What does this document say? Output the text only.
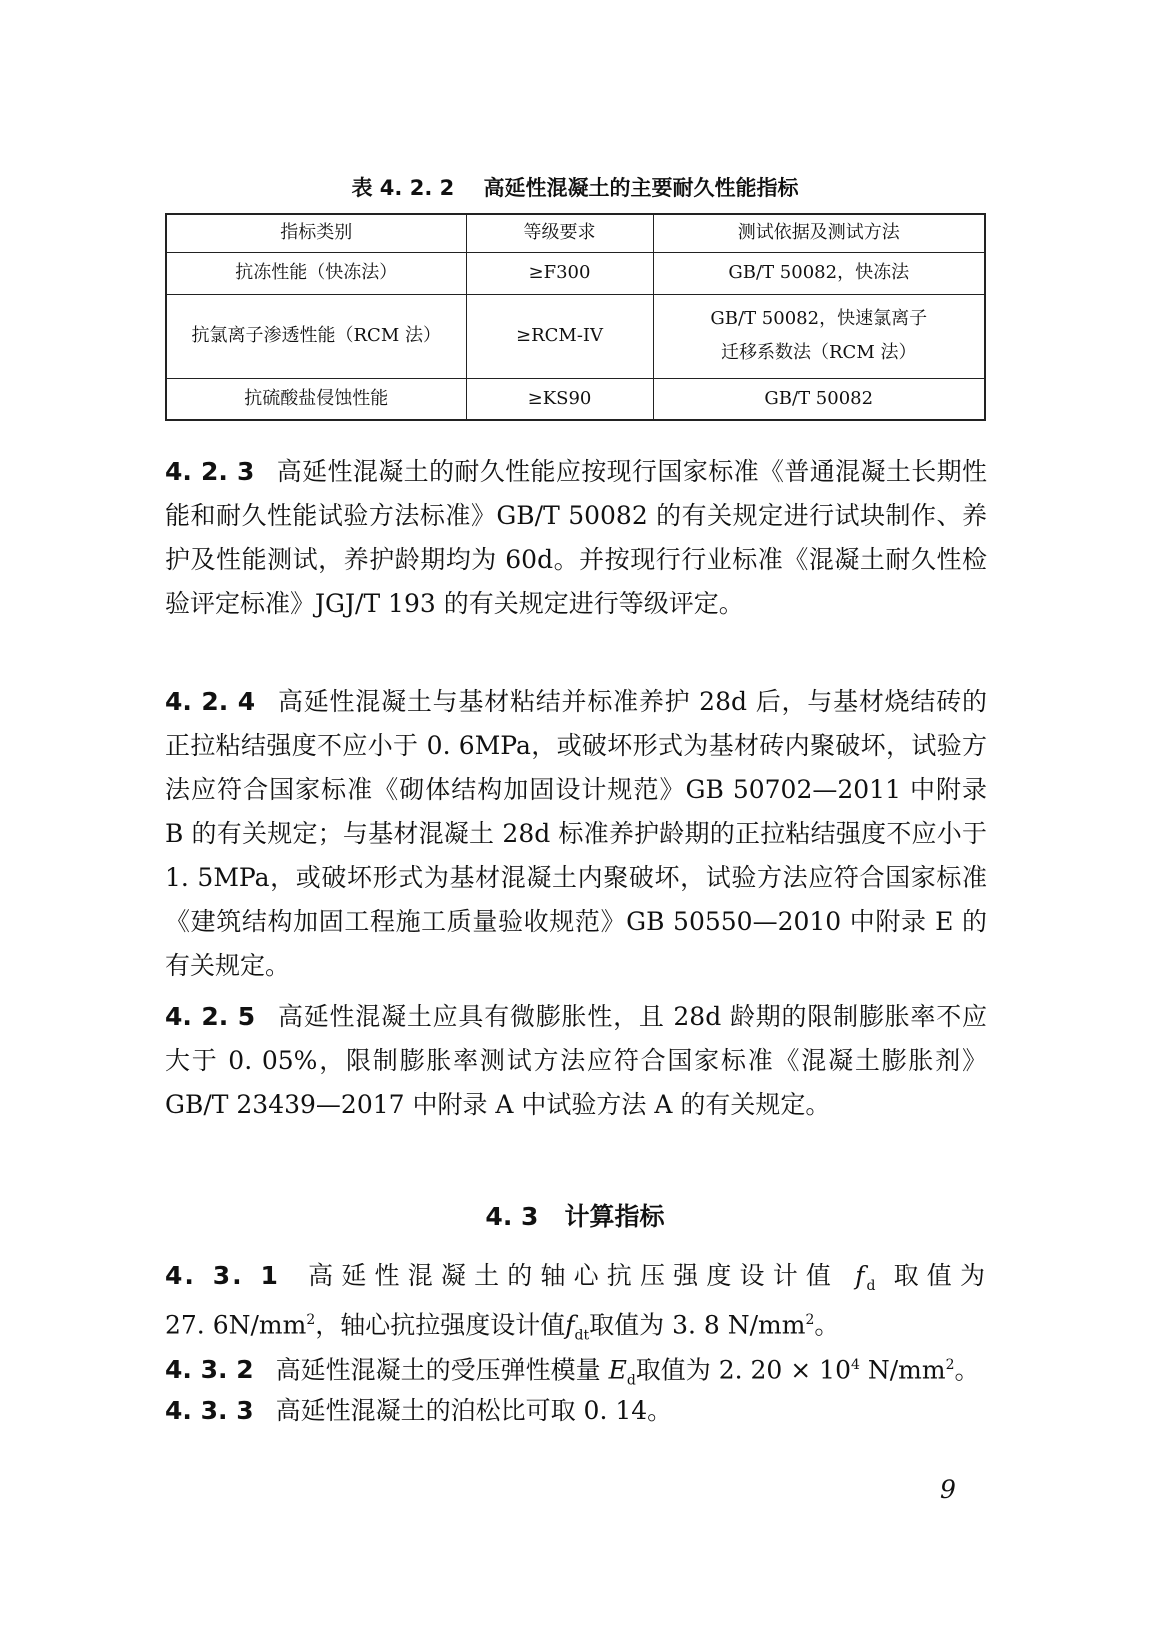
表 4. 2. 2 高延性混凝土的主要耐久性能指标
指标类别	等级要求	测试依据及测试方法
抗冻性能（快冻法）	≥F300	GB/T 50082，快冻法
抗氯离子渗透性能（RCM 法）	≥RCM-IV	GB/T 50082，快速氯离子
迁移系数法（RCM 法）
抗硫酸盐侵蚀性能	≥KS90	GB/T 50082
4. 2. 3 高延性混凝土的耐久性能应按现行国家标准《普通混凝土长期性能和耐久性能试验方法标准》GB/T 50082 的有关规定进行试块制作、养护及性能测试，养护龄期均为 60d。并按现行行业标准《混凝土耐久性检验评定标准》JGJ/T 193 的有关规定进行等级评定。
4. 2. 4 高延性混凝土与基材粘结并标准养护 28d 后，与基材烧结砖的正拉粘结强度不应小于 0. 6MPa，或破坏形式为基材砖内聚破坏，试验方法应符合国家标准《砌体结构加固设计规范》GB 50702—2011 中附录 B 的有关规定；与基材混凝土 28d 标准养护龄期的正拉粘结强度不应小于 1. 5MPa，或破坏形式为基材混凝土内聚破坏，试验方法应符合国家标准《建筑结构加固工程施工质量验收规范》GB 50550—2010 中附录 E 的有关规定。
4. 2. 5 高延性混凝土应具有微膨胀性，且 28d 龄期的限制膨胀率不应大于 0. 05%，限制膨胀率测试方法应符合国家标准《混凝土膨胀剂》GB/T 23439—2017 中附录 A 中试验方法 A 的有关规定。
4. 3 计算指标
4. 3. 1 高延性混凝土的轴心抗压强度设计值 $f_d$ 取值为
27. $6N/mm^2$，轴心抗拉强度设计值$f_{dt}$取值为 3. 8 $N/mm^2$。
4. 3. 2 高延性混凝土的受压弹性模量 $E_d$取值为 2. $20 \times 10^4$ $N/mm^2$。
4. 3. 3 高延性混凝土的泊松比可取 0. 14。
9
